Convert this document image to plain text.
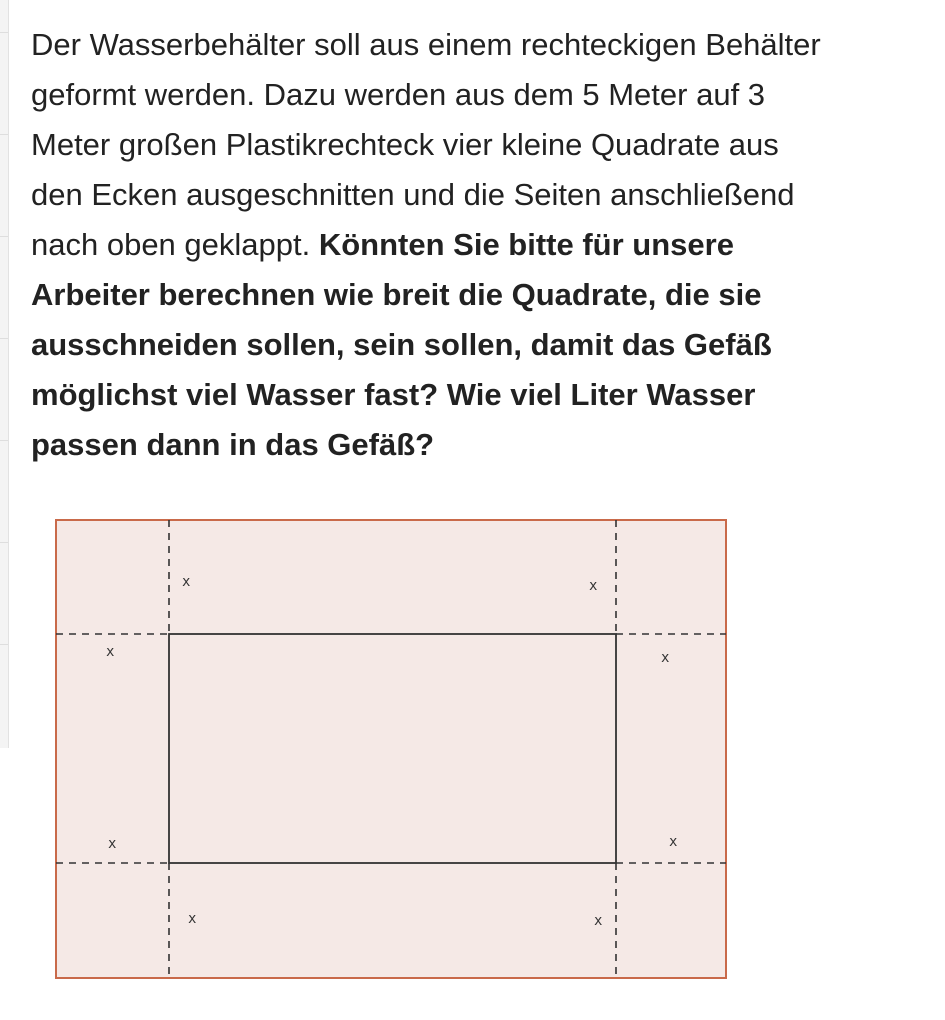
Der Wasserbehälter soll aus einem rechteckigen Behälter
geformt werden. Dazu werden aus dem 5 Meter auf 3
Meter großen Plastikrechteck vier kleine Quadrate aus
den Ecken ausgeschnitten und die Seiten anschließend
nach oben geklappt. Könnten Sie bitte für unsere
Arbeiter berechnen wie breit die Quadrate, die sie
ausschneiden sollen, sein sollen, damit das Gefäß
möglichst viel Wasser fast? Wie viel Liter Wasser
passen dann in das Gefäß?
x	x
x	x
x	x
x	x
